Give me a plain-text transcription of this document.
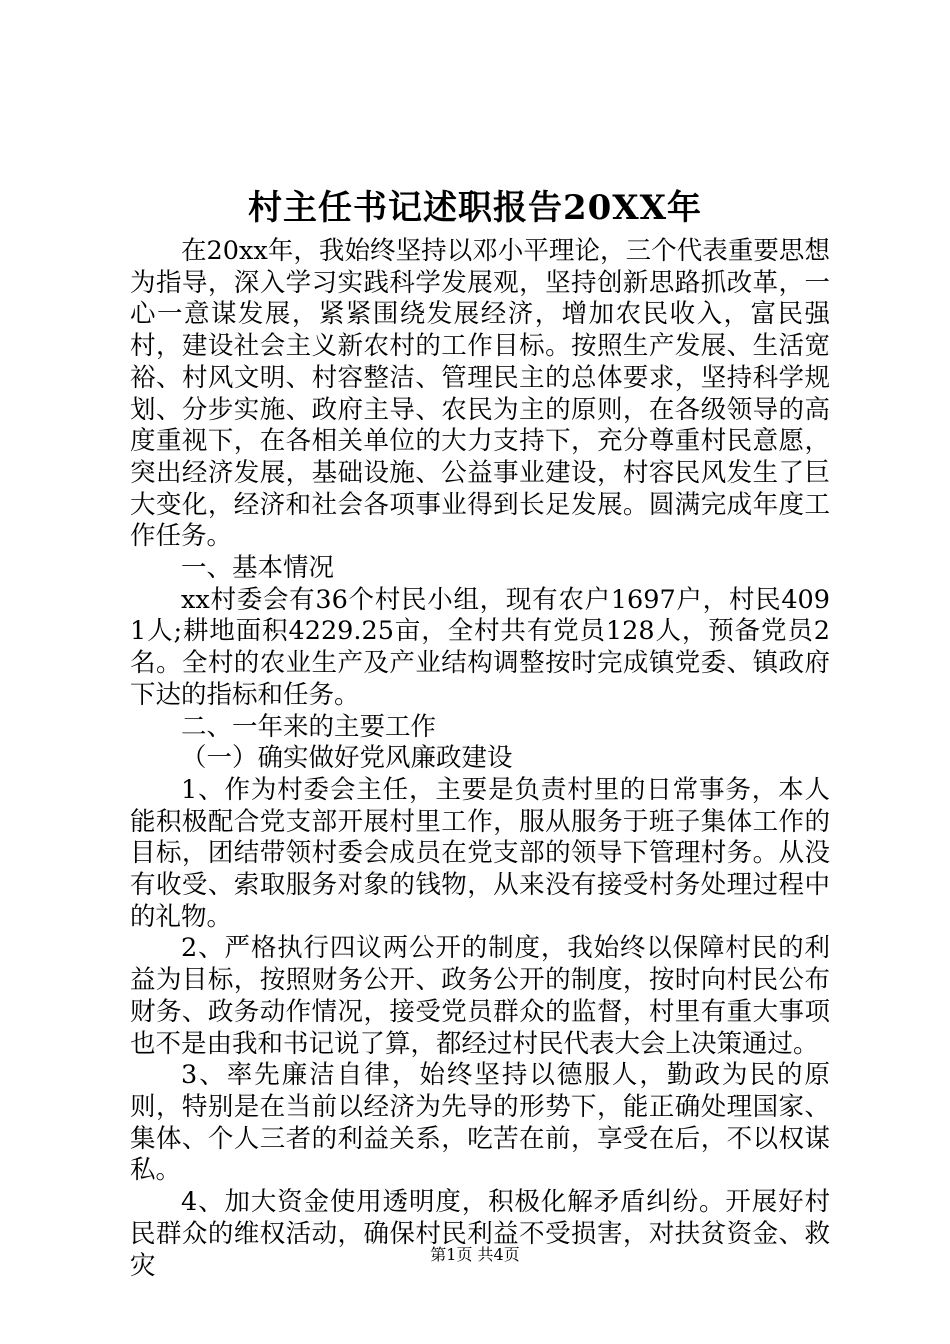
村主任书记述职报告20XX年

在20xx年，我始终坚持以邓小平理论，三个代表重要思想为指导，深入学习实践科学发展观，坚持创新思路抓改革，一心一意谋发展，紧紧围绕发展经济，增加农民收入，富民强村，建设社会主义新农村的工作目标。按照生产发展、生活宽裕、村风文明、村容整洁、管理民主的总体要求，坚持科学规划、分步实施、政府主导、农民为主的原则，在各级领导的高度重视下，在各相关单位的大力支持下，充分尊重村民意愿，突出经济发展，基础设施、公益事业建设，村容民风发生了巨大变化，经济和社会各项事业得到长足发展。圆满完成年度工作任务。

一、基本情况

xx村委会有36个村民小组，现有农户1697户，村民4091人;耕地面积4229.25亩，全村共有党员128人，预备党员2名。全村的农业生产及产业结构调整按时完成镇党委、镇政府下达的指标和任务。

二、一年来的主要工作

（一）确实做好党风廉政建设

1、作为村委会主任，主要是负责村里的日常事务，本人能积极配合党支部开展村里工作，服从服务于班子集体工作的目标，团结带领村委会成员在党支部的领导下管理村务。从没有收受、索取服务对象的钱物，从来没有接受村务处理过程中的礼物。

2、严格执行四议两公开的制度，我始终以保障村民的利益为目标，按照财务公开、政务公开的制度，按时向村民公布财务、政务动作情况，接受党员群众的监督，村里有重大事项也不是由我和书记说了算，都经过村民代表大会上决策通过。

3、率先廉洁自律，始终坚持以德服人，勤政为民的原则，特别是在当前以经济为先导的形势下，能正确处理国家、集体、个人三者的利益关系，吃苦在前，享受在后，不以权谋私。

4、加大资金使用透明度，积极化解矛盾纠纷。开展好村民群众的维权活动，确保村民利益不受损害，对扶贫资金、救灾	第1页 共4页
